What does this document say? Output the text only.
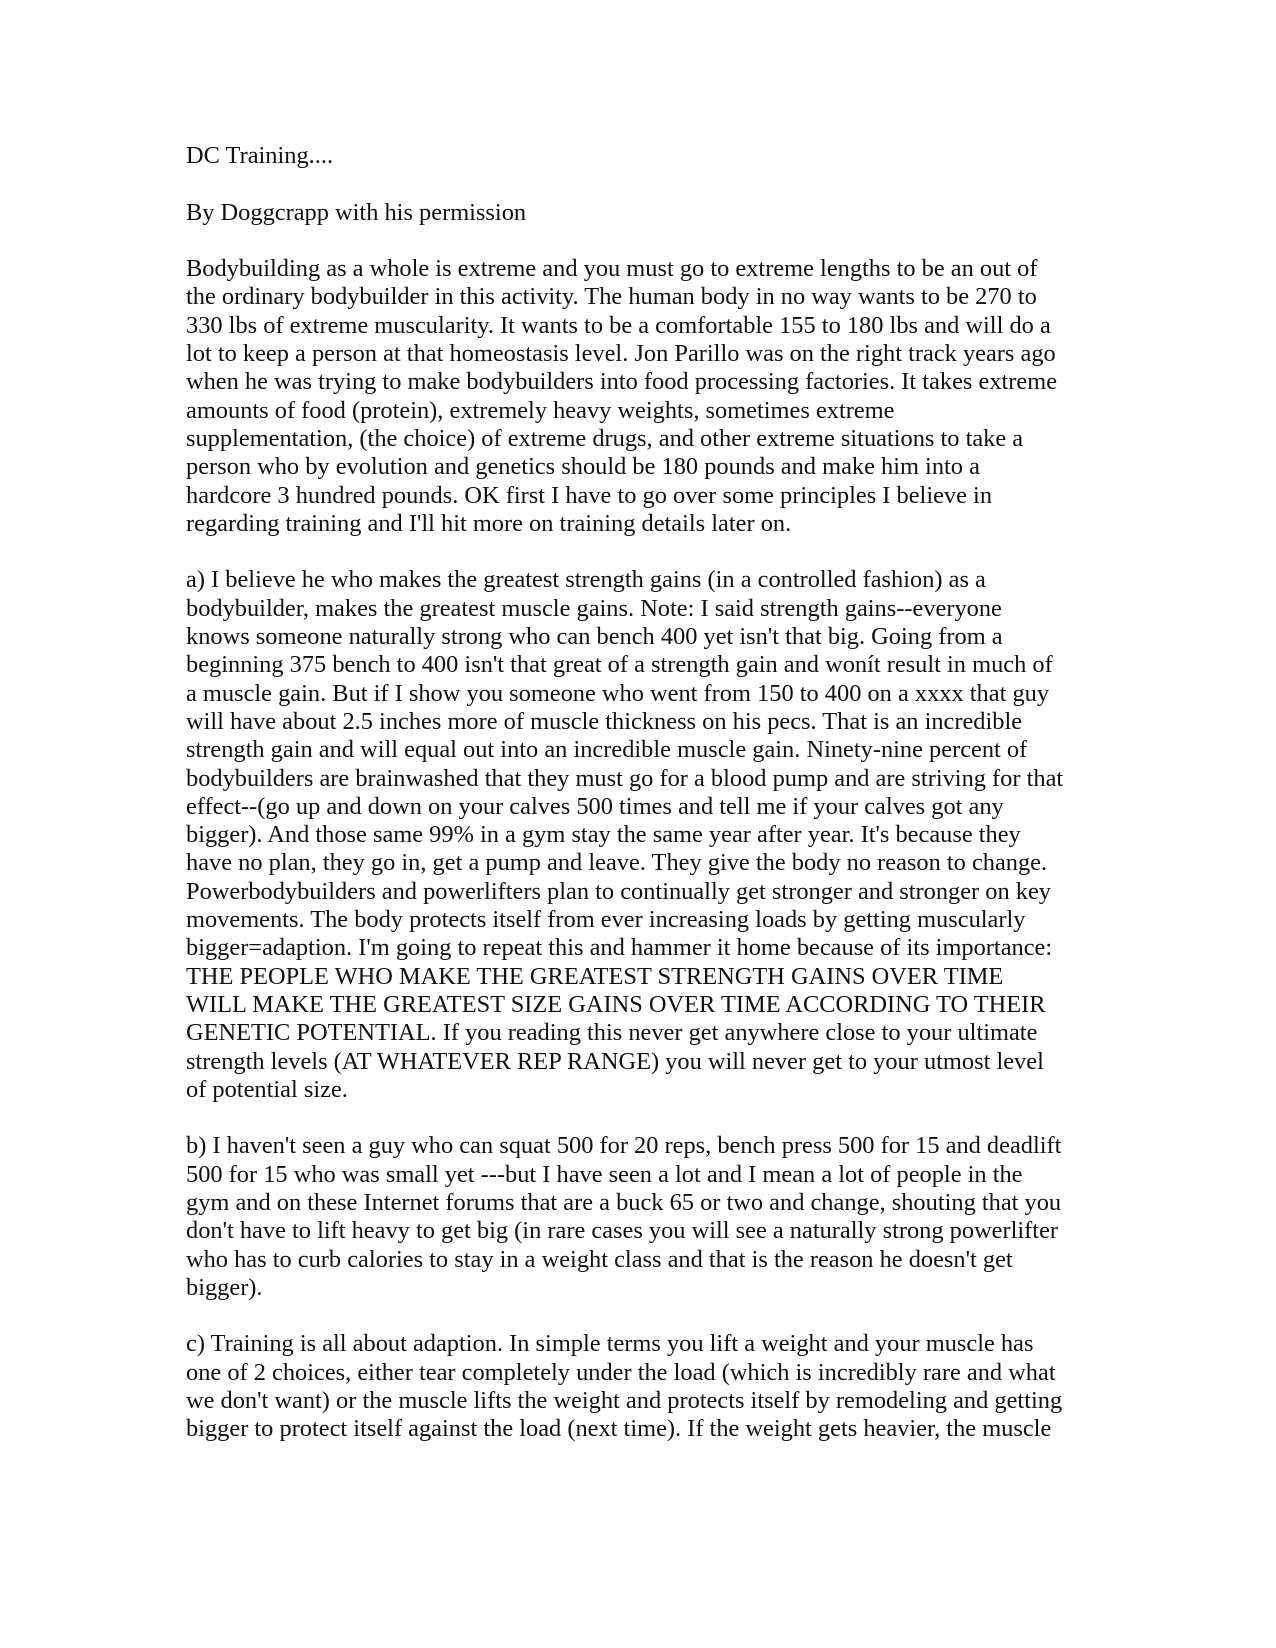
DC Training....
By Doggcrapp with his permission
Bodybuilding as a whole is extreme and you must go to extreme lengths to be an out of
the ordinary bodybuilder in this activity. The human body in no way wants to be 270 to
330 lbs of extreme muscularity. It wants to be a comfortable 155 to 180 lbs and will do a
lot to keep a person at that homeostasis level. Jon Parillo was on the right track years ago
when he was trying to make bodybuilders into food processing factories. It takes extreme
amounts of food (protein), extremely heavy weights, sometimes extreme
supplementation, (the choice) of extreme drugs, and other extreme situations to take a
person who by evolution and genetics should be 180 pounds and make him into a
hardcore 3 hundred pounds. OK first I have to go over some principles I believe in
regarding training and I'll hit more on training details later on.
a) I believe he who makes the greatest strength gains (in a controlled fashion) as a
bodybuilder, makes the greatest muscle gains. Note: I said strength gains--everyone
knows someone naturally strong who can bench 400 yet isn't that big. Going from a
beginning 375 bench to 400 isn't that great of a strength gain and wonít result in much of
a muscle gain. But if I show you someone who went from 150 to 400 on a xxxx that guy
will have about 2.5 inches more of muscle thickness on his pecs. That is an incredible
strength gain and will equal out into an incredible muscle gain. Ninety-nine percent of
bodybuilders are brainwashed that they must go for a blood pump and are striving for that
effect--(go up and down on your calves 500 times and tell me if your calves got any
bigger). And those same 99% in a gym stay the same year after year. It's because they
have no plan, they go in, get a pump and leave. They give the body no reason to change.
Powerbodybuilders and powerlifters plan to continually get stronger and stronger on key
movements. The body protects itself from ever increasing loads by getting muscularly
bigger=adaption. I'm going to repeat this and hammer it home because of its importance:
THE PEOPLE WHO MAKE THE GREATEST STRENGTH GAINS OVER TIME
WILL MAKE THE GREATEST SIZE GAINS OVER TIME ACCORDING TO THEIR
GENETIC POTENTIAL. If you reading this never get anywhere close to your ultimate
strength levels (AT WHATEVER REP RANGE) you will never get to your utmost level
of potential size.
b) I haven't seen a guy who can squat 500 for 20 reps, bench press 500 for 15 and deadlift
500 for 15 who was small yet ---but I have seen a lot and I mean a lot of people in the
gym and on these Internet forums that are a buck 65 or two and change, shouting that you
don't have to lift heavy to get big (in rare cases you will see a naturally strong powerlifter
who has to curb calories to stay in a weight class and that is the reason he doesn't get
bigger).
c) Training is all about adaption. In simple terms you lift a weight and your muscle has
one of 2 choices, either tear completely under the load (which is incredibly rare and what
we don't want) or the muscle lifts the weight and protects itself by remodeling and getting
bigger to protect itself against the load (next time). If the weight gets heavier, the muscle
